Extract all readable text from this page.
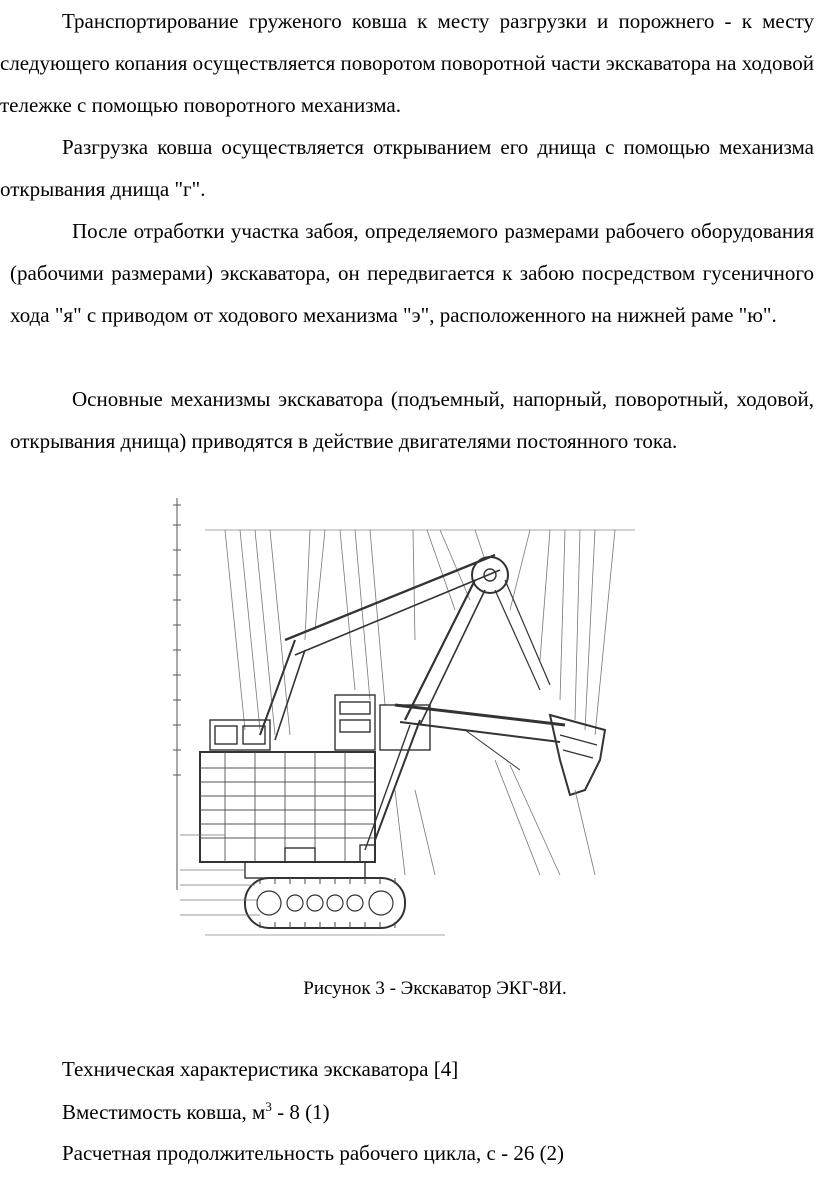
Транспортирование груженого ковша к месту разгрузки и порожнего - к месту следующего копания осуществляется поворотом поворотной части экскаватора на ходовой тележке с помощью поворотного механизма.

Разгрузка ковша осуществляется открыванием его днища с помощью механизма открывания днища "г".

После отработки участка забоя, определяемого размерами рабочего оборудования (рабочими размерами) экскаватора, он передвигается к забою посредством гусеничного хода "я" с приводом от ходового механизма "э", расположенного на нижней раме "ю".

Основные механизмы экскаватора (подъемный, напорный, поворотный, ходовой, открывания днища) приводятся в действие двигателями постоянного тока.

Рисунок 3 - Экскаватор ЭКГ-8И.

Техническая характеристика экскаватора [4]

Вместимость ковша, $м^3 - 8$ (1)

Расчетная продолжительность рабочего цикла, с - 26 (2)
